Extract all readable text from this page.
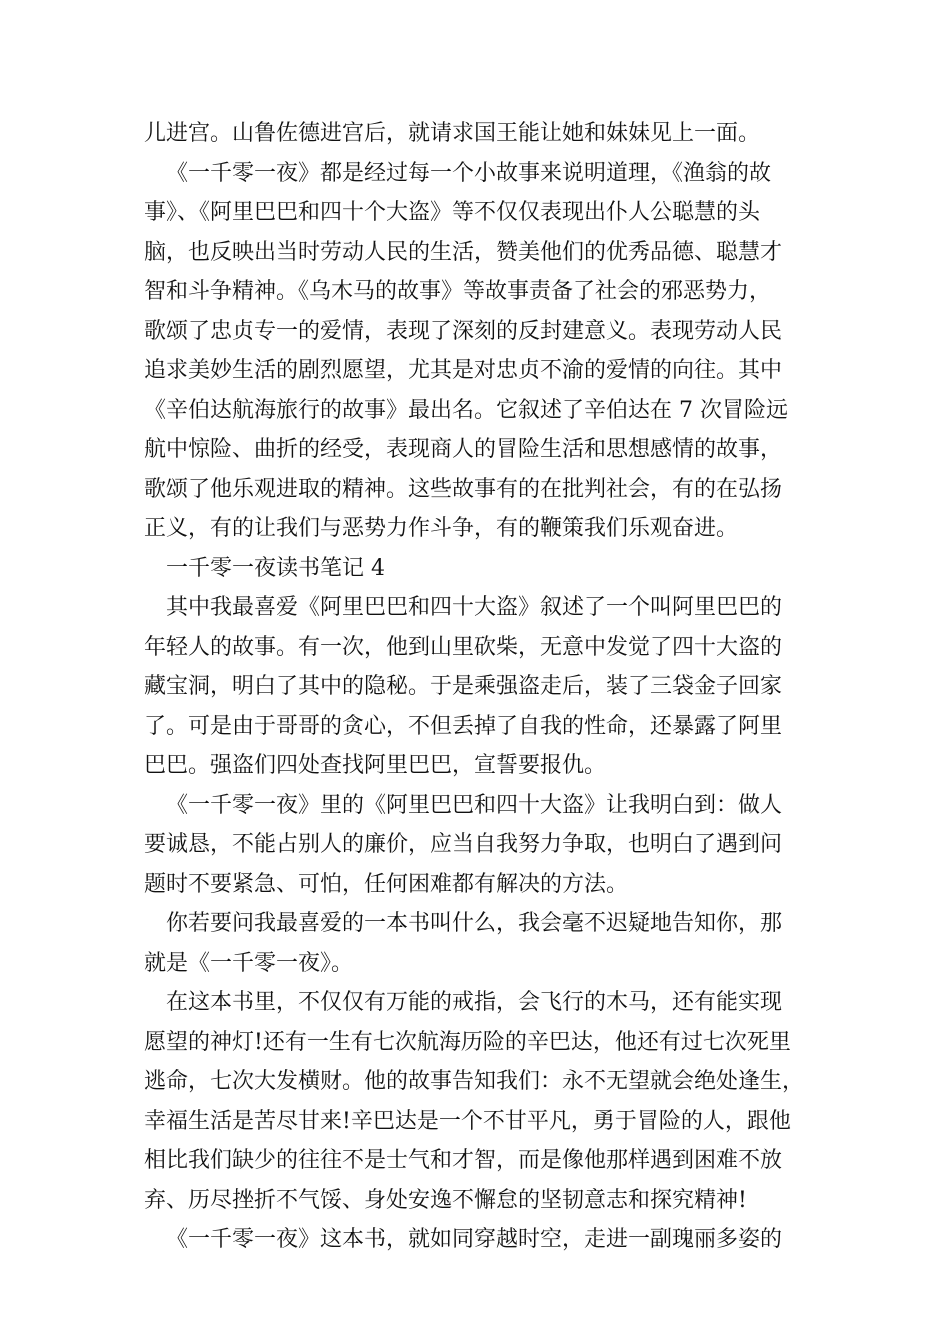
儿进宫。山鲁佐德进宫后，就请求国王能让她和妹妹见上一面。

《一千零一夜》都是经过每一个小故事来说明道理，《渔翁的故
事》、《阿里巴巴和四十个大盗》等不仅仅表现出仆人公聪慧的头
脑，也反映出当时劳动人民的生活，赞美他们的优秀品德、聪慧才
智和斗争精神。《乌木马的故事》等故事责备了社会的邪恶势力，
歌颂了忠贞专一的爱情，表现了深刻的反封建意义。表现劳动人民
追求美妙生活的剧烈愿望，尤其是对忠贞不渝的爱情的向往。其中
《辛伯达航海旅行的故事》最出名。它叙述了辛伯达在 7 次冒险远
航中惊险、曲折的经受，表现商人的冒险生活和思想感情的故事，
歌颂了他乐观进取的精神。这些故事有的在批判社会，有的在弘扬
正义，有的让我们与恶势力作斗争，有的鞭策我们乐观奋进。

一千零一夜读书笔记 4

其中我最喜爱《阿里巴巴和四十大盗》叙述了一个叫阿里巴巴的
年轻人的故事。有一次，他到山里砍柴，无意中发觉了四十大盗的
藏宝洞，明白了其中的隐秘。于是乘强盗走后，装了三袋金子回家
了。可是由于哥哥的贪心，不但丢掉了自我的性命，还暴露了阿里
巴巴。强盗们四处查找阿里巴巴，宣誓要报仇。

《一千零一夜》里的《阿里巴巴和四十大盗》让我明白到：做人
要诚恳，不能占别人的廉价，应当自我努力争取，也明白了遇到问
题时不要紧急、可怕，任何困难都有解决的方法。

你若要问我最喜爱的一本书叫什么，我会毫不迟疑地告知你，那
就是《一千零一夜》。

在这本书里，不仅仅有万能的戒指，会飞行的木马，还有能实现
愿望的神灯!还有一生有七次航海历险的辛巴达，他还有过七次死里
逃命，七次大发横财。他的故事告知我们：永不无望就会绝处逢生，
幸福生活是苦尽甘来!辛巴达是一个不甘平凡，勇于冒险的人，跟他
相比我们缺少的往往不是士气和才智，而是像他那样遇到困难不放
弃、历尽挫折不气馁、身处安逸不懈怠的坚韧意志和探究精神!

《一千零一夜》这本书，就如同穿越时空，走进一副瑰丽多姿的
